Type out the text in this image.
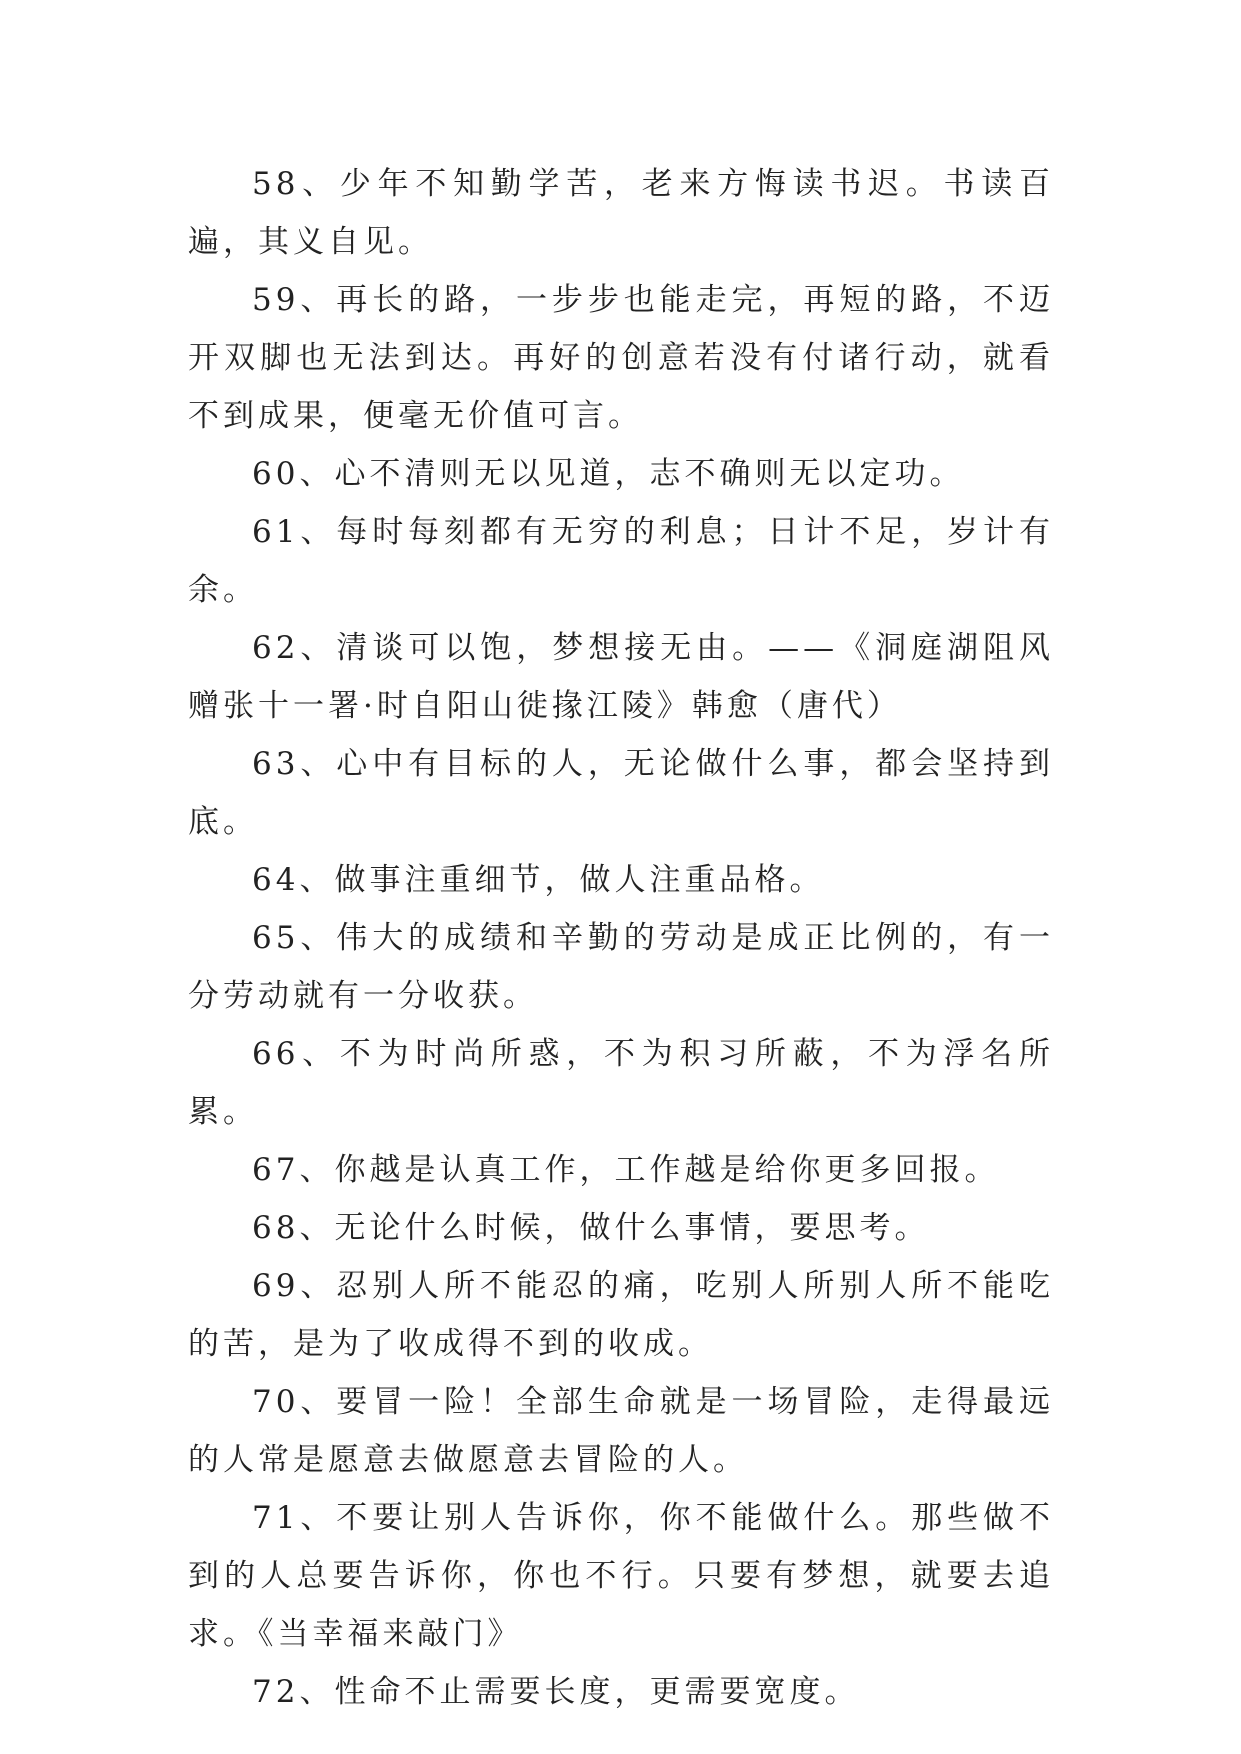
58、少年不知勤学苦，老来方悔读书迟。书读百遍，其义自见。

59、再长的路，一步步也能走完，再短的路，不迈开双脚也无法到达。再好的创意若没有付诸行动，就看不到成果，便毫无价值可言。

60、心不清则无以见道，志不确则无以定功。

61、每时每刻都有无穷的利息；日计不足，岁计有余。

62、清谈可以饱，梦想接无由。——《洞庭湖阻风赠张十一署·时自阳山徙掾江陵》韩愈（唐代）

63、心中有目标的人，无论做什么事，都会坚持到底。

64、做事注重细节，做人注重品格。

65、伟大的成绩和辛勤的劳动是成正比例的，有一分劳动就有一分收获。

66、不为时尚所惑，不为积习所蔽，不为浮名所累。

67、你越是认真工作，工作越是给你更多回报。

68、无论什么时候，做什么事情，要思考。

69、忍别人所不能忍的痛，吃别人所别人所不能吃的苦，是为了收成得不到的收成。

70、要冒一险！全部生命就是一场冒险，走得最远的人常是愿意去做愿意去冒险的人。

71、不要让别人告诉你，你不能做什么。那些做不到的人总要告诉你，你也不行。只要有梦想，就要去追求。《当幸福来敲门》

72、性命不止需要长度，更需要宽度。
